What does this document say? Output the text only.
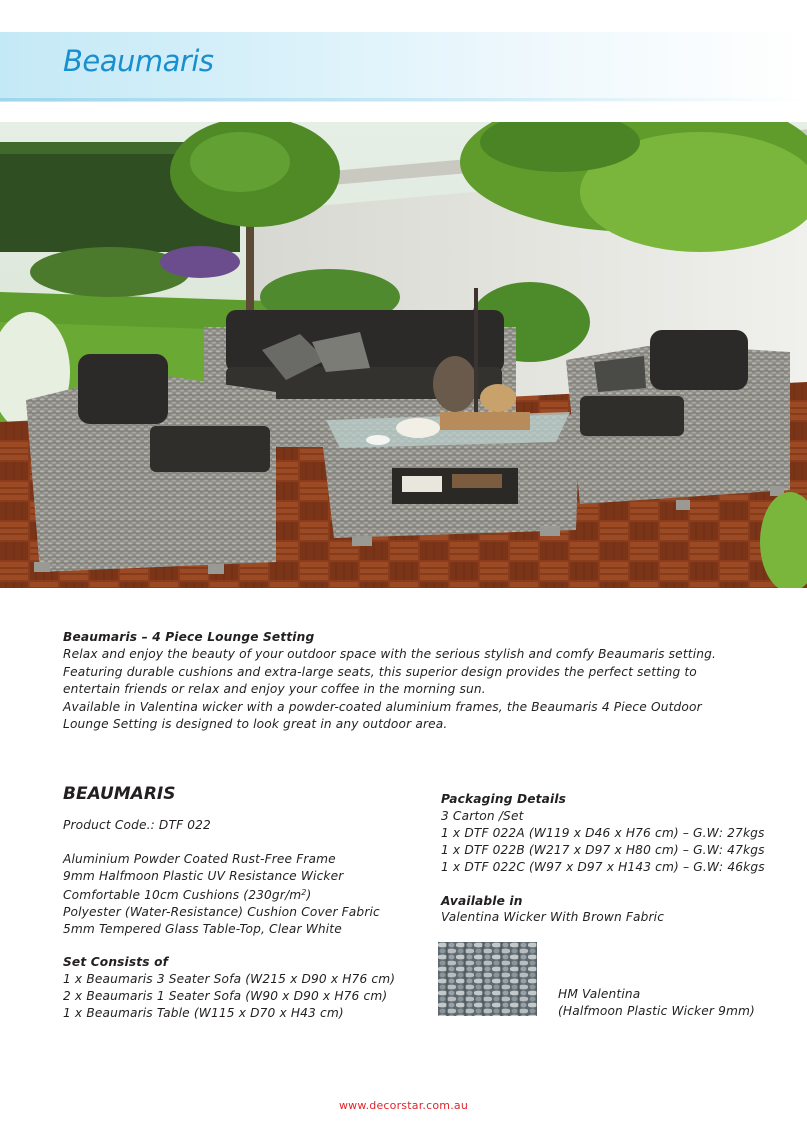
Beaumaris
Beaumaris – 4 Piece Lounge Setting
Relax and enjoy the beauty of your outdoor space with the serious stylish and comfy Beaumaris setting.
Featuring durable cushions and extra-large seats, this superior design provides the perfect setting to
entertain friends or relax and enjoy your coffee in the morning sun.
Available in Valentina wicker with a powder-coated aluminium frames, the Beaumaris 4 Piece Outdoor
Lounge Setting is designed to look great in any outdoor area.
BEAUMARIS
Product Code.: DTF 022
Aluminium Powder Coated Rust-Free Frame
9mm Halfmoon Plastic UV Resistance Wicker
Comfortable 10cm Cushions $(230gr/m^2)$
Polyester (Water-Resistance) Cushion Cover Fabric
5mm Tempered Glass Table-Top, Clear White
Set Consists of
1 x Beaumaris 3 Seater Sofa (W215 x D90 x H76 cm)
2 x Beaumaris 1 Seater Sofa (W90 x D90 x H76 cm)
1 x Beaumaris Table (W115 x D70 x H43 cm)
Packaging Details
3 Carton /Set
1 x DTF 022A (W119 x D46 x H76 cm) – G.W: 27kgs
1 x DTF 022B (W217 x D97 x H80 cm) – G.W: 47kgs
1 x DTF 022C (W97 x D97 x H143 cm) – G.W: 46kgs
Available in
Valentina Wicker With Brown Fabric
HM Valentina
(Halfmoon Plastic Wicker 9mm)
www.decorstar.com.au
